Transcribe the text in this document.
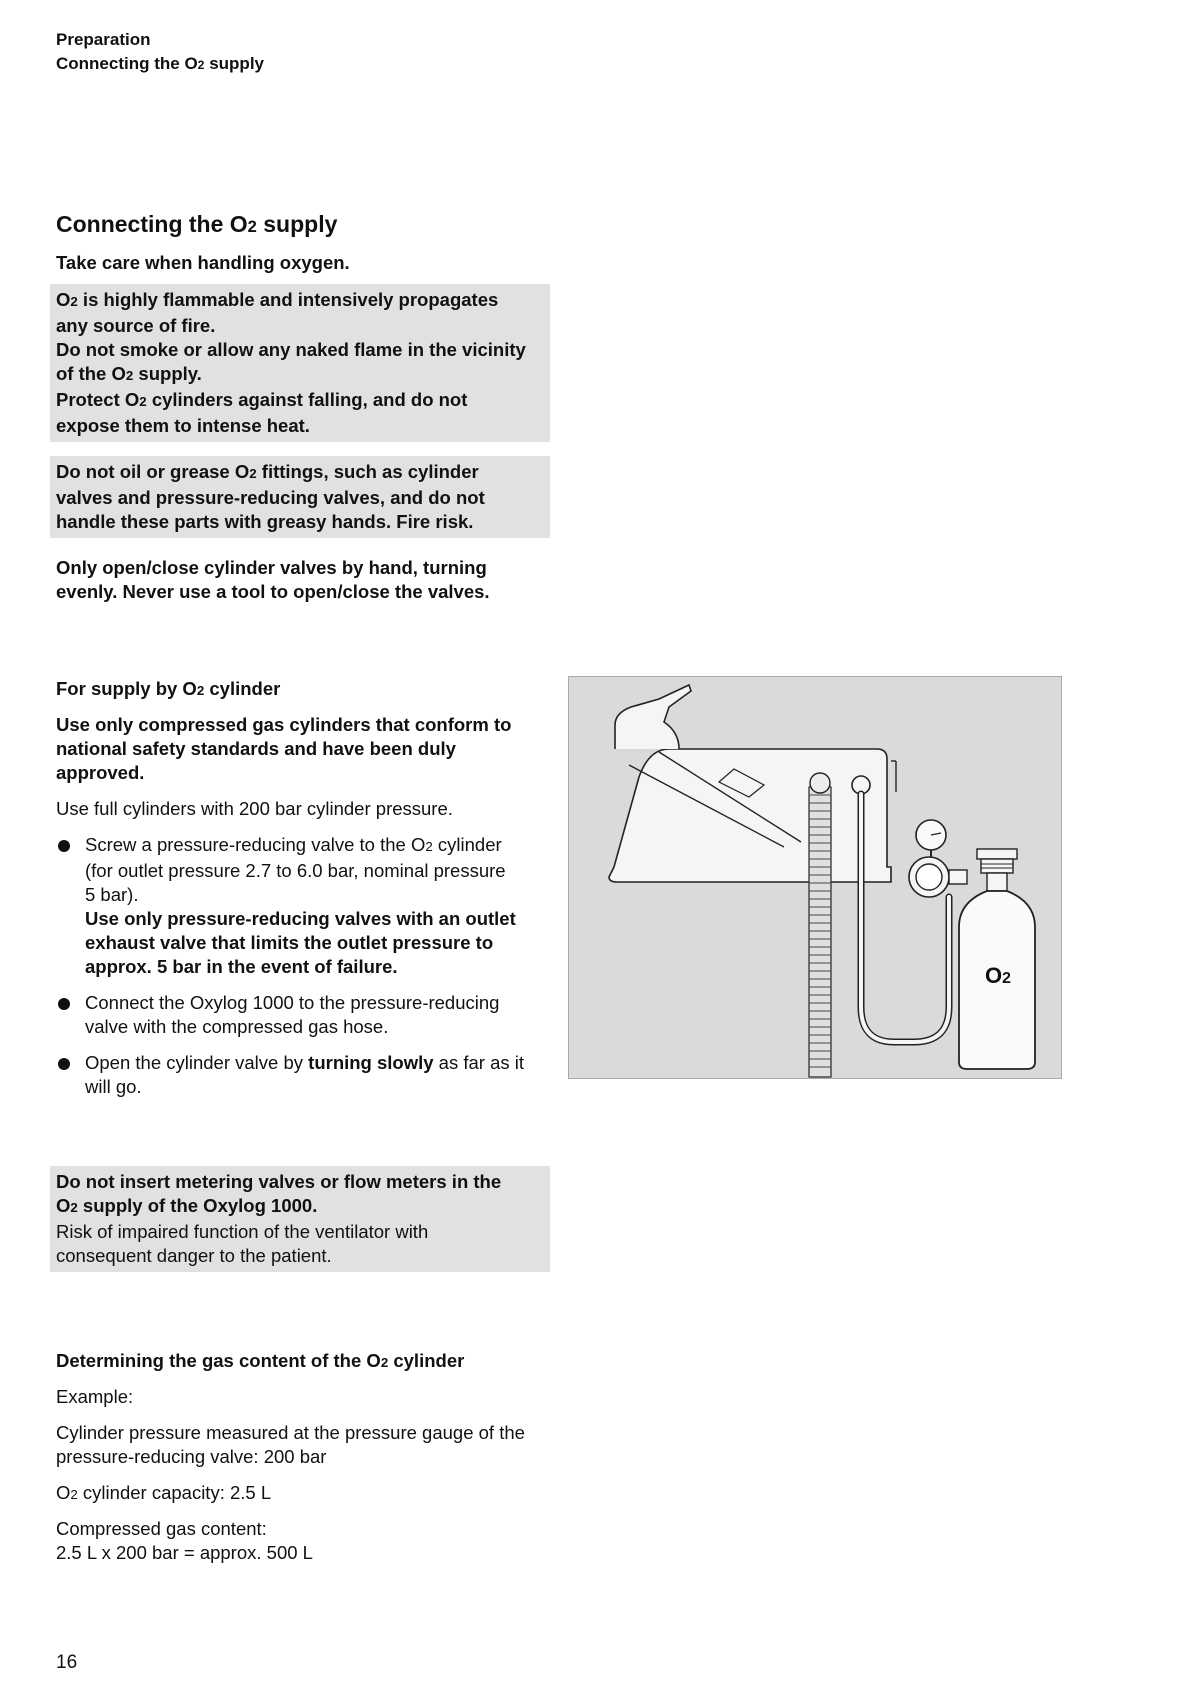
Preparation
Connecting the O2 supply
Connecting the O2 supply
Take care when handling oxygen.
O2 is highly flammable and intensively propagates
any source of fire.
Do not smoke or allow any naked flame in the vicinity
of the O2 supply.
Protect O2 cylinders against falling, and do not
expose them to intense heat.
Do not oil or grease O2 fittings, such as cylinder
valves and pressure-reducing valves, and do not
handle these parts with greasy hands. Fire risk.
Only open/close cylinder valves by hand, turning
evenly. Never use a tool to open/close the valves.
For supply by O2 cylinder
Use only compressed gas cylinders that conform to
national safety standards and have been duly
approved.
Use full cylinders with 200 bar cylinder pressure.
Screw a pressure-reducing valve to the O2 cylinder
(for outlet pressure 2.7 to 6.0 bar, nominal pressure
5 bar).
Use only pressure-reducing valves with an outlet
exhaust valve that limits the outlet pressure to
approx. 5 bar in the event of failure.
Connect the Oxylog 1000 to the pressure-reducing
valve with the compressed gas hose.
Open the cylinder valve by turning slowly as far as it
will go.
O2
Do not insert metering valves or flow meters in the
O2 supply of the Oxylog 1000.
Risk of impaired function of the ventilator with
consequent danger to the patient.
Determining the gas content of the O2 cylinder
Example:
Cylinder pressure measured at the pressure gauge of the
pressure-reducing valve: 200 bar
O2 cylinder capacity: 2.5 L
Compressed gas content:
2.5 L x 200 bar = approx. 500 L
16
